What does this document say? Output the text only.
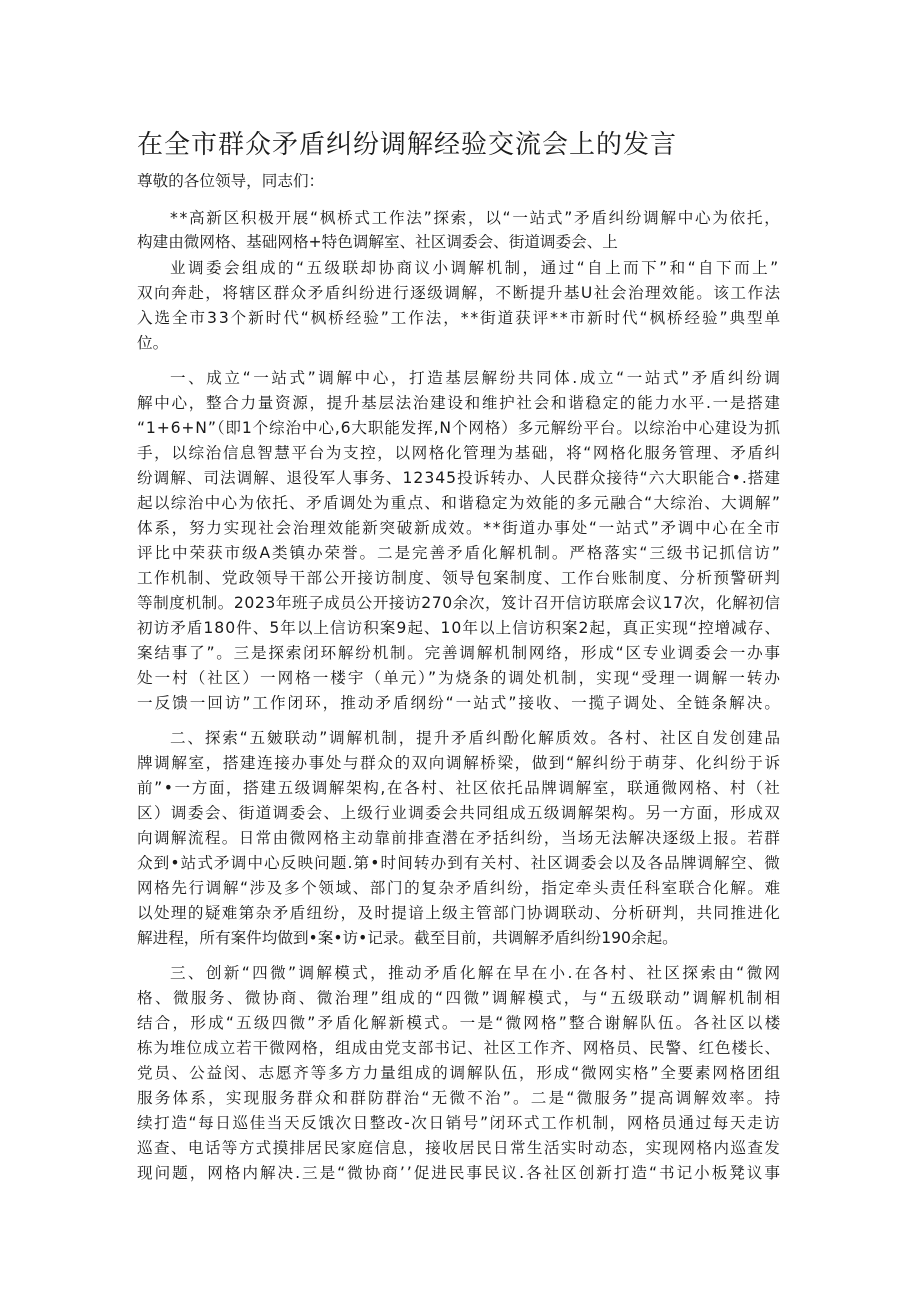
在全市群众矛盾纠纷调解经验交流会上的发言
尊敬的各位领导，同志们：
**高新区积极开展“枫桥式工作法”探索，以“一站式”矛盾纠纷调解中心为依托，
构建由微网格、基础网格+特色调解室、社区调委会、街道调委会、上
业调委会组成的“五级联却协商议小调解机制，通过“自上而下”和“自下而上”
双向奔赴，将辖区群众矛盾纠纷进行逐级调解，不断提升基U社会治理效能。该工作法
入选全市33个新时代“枫桥经验”工作法，**街道获评**市新时代“枫桥经验”典型单
位。
一、成立“一站式”调解中心，打造基层解纷共同体.成立“一站式”矛盾纠纷调
解中心，整合力量资源，提升基层法治建设和维护社会和谐稳定的能力水平.一是搭建
“1+6+N”（即1个综治中心,6大职能发挥,N个网格）多元解纷平台。以综治中心建设为抓
手，以综治信息智慧平台为支控，以网格化管理为基础，将“网格化服务管理、矛盾纠
纷调解、司法调解、退役军人事务、12345投诉转办、人民群众接待“六大职能合•.搭建
起以综治中心为依托、矛盾调处为重点、和谐稳定为效能的多元融合“大综治、大调解”
体系，努力实现社会治理效能新突破新成效。**街道办事处“一站式”矛调中心在全市
评比中荣获市级A类镇办荣誉。二是完善矛盾化解机制。严格落实“三级书记抓信访”
工作机制、党政领导干部公开接访制度、领导包案制度、工作台账制度、分析预警研判
等制度机制。2023年班子成员公开接访270余次，笈计召开信访联席会议17次，化解初信
初访矛盾180件、5年以上信访积案9起、10年以上信访积案2起，真正实现“控增减存、
案结事了”。三是探索闭环解纷机制。完善调解机制网络，形成“区专业调委会一办事
处一村（社区）一网格一楼宇（单元）”为烧条的调处机制，实现“受理一调解一转办
一反馈一回访”工作闭环，推动矛盾纲纷“一站式”接收、一揽子调处、全链条解决。
二、探索“五皴联动”调解机制，提升矛盾纠酚化解质效。各村、社区自发创建品
牌调解室，搭建连接办事处与群众的双向调解桥梁，做到“解纠纷于萌芽、化纠纷于诉
前”•一方面，搭建五级调解架构,在各村、社区依托品牌调解室，联通微网格、村（社
区）调委会、街道调委会、上级行业调委会共同组成五级调解架构。另一方面，形成双
向调解流程。日常由微网格主动靠前排查潜在矛括纠纷，当场无法解决逐级上报。若群
众到•站式矛调中心反映问题.第•时间转办到有关村、社区调委会以及各品牌调解空、微
网格先行调解“涉及多个领域、部门的复杂矛盾纠纷，指定牵头责任科室联合化解。难
以处理的疑难第杂矛盾纽纷，及时提谙上级主管部门协调联动、分析研判，共同推进化
解进程，所有案件均做到•案•访•记录。截至目前，共调解矛盾纠纷190余起。
三、创新“四微”调解模式，推动矛盾化解在早在小.在各村、社区探索由“微网
格、微服务、微协商、微治理”组成的“四微”调解模式，与“五级联动”调解机制相
结合，形成“五级四微”矛盾化解新模式。一是“微网格”整合谢解队伍。各社区以楼
栋为堆位成立若干微网格，组成由党支部书记、社区工作齐、网格员、民警、红色楼长、
党员、公益闵、志愿齐等多方力量组成的调解队伍，形成“微网实格”全要素网格团组
服务体系，实现服务群众和群防群治“无微不治”。二是“微服务”提高调解效率。持
续打造“每日巡佳当天反饿次日整改-次日销号”闭环式工作机制，网格员通过每天走访
巡查、电话等方式摸排居民家庭信息，接收居民日常生活实时动态，实现网格内巡查发
现问题，网格内解决.三是“微协商’’促进民事民议.各社区创新打造“书记小板凳议事
